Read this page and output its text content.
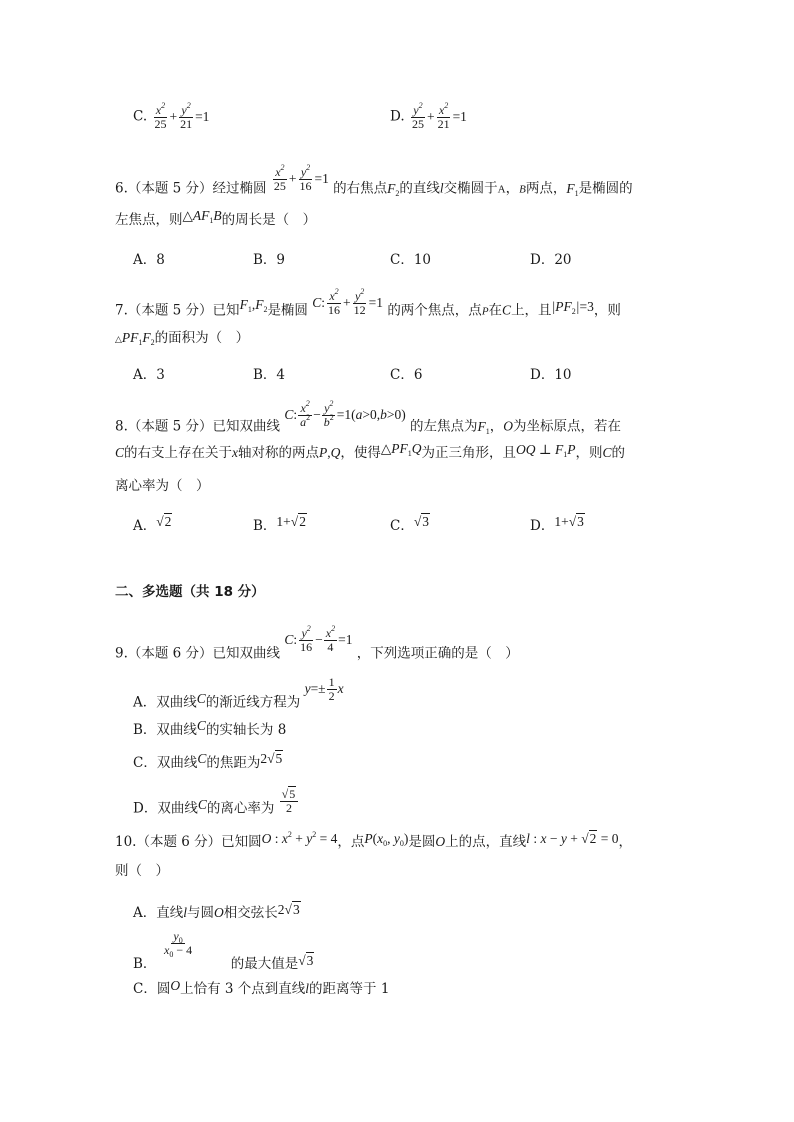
C. $\frac{x^2}{25} + \frac{y^2}{21} =1$	D. $\frac{y^2}{25} + \frac{x^2}{21} =1$
6.（本题 5 分）经过椭圆 $\frac{x^2}{25} + \frac{y^2}{16} =1$ 的右焦点$F_2$的直线l交椭圆于A，B两点，$F_1$是椭圆的
左焦点，则$\triangle AF_1B$的周长是（　）
A．8	B．9	C．10	D．20
7.（本题 5 分）已知$F_1,F_2$是椭圆 C: $\frac{x^2}{16} + \frac{y^2}{12} =1$ 的两个焦点，点P在C上，且$|PF_2|=3$，则
$\triangle PF_1F_2$的面积为（　）
A．3	B．4	C．6	D．10
8.（本题 5 分）已知双曲线 C: $\frac{x^2}{a^2} - \frac{y^2}{b^2} =1(a>0,b>0)$ 的左焦点为$F_1$，O为坐标原点，若在
C的右支上存在关于x轴对称的两点P,Q，使得$\triangle PF_1Q$为正三角形，且OQ ⊥ $F_1P$，则C的
离心率为（　）
A．√2	B．1+√2	C．√3	D．1+√3
二、多选题（共 18 分）
9.（本题 6 分）已知双曲线 C: $\frac{y^2}{16} - \frac{x^2}{4} =1$ ，下列选项正确的是（　）
A．双曲线C的渐近线方程为 $y=\pm \frac{1}{2}$ x
B．双曲线C的实轴长为 8
C．双曲线C的焦距为2√5
D．双曲线C的离心率为 $\frac{√5}{2}$
10.（本题 6 分）已知圆O : $x^2 + y^2 = 4$，点$P(x_0$, $y_0$)是圆O上的点，直线l : x − y + √2 = 0，
则（　）
A．直线l与圆O相交弦长2√3
B．
$\frac{y_0}{x_0 - 4}$
的最大值是√3
C．圆O上恰有 3 个点到直线l的距离等于 1
